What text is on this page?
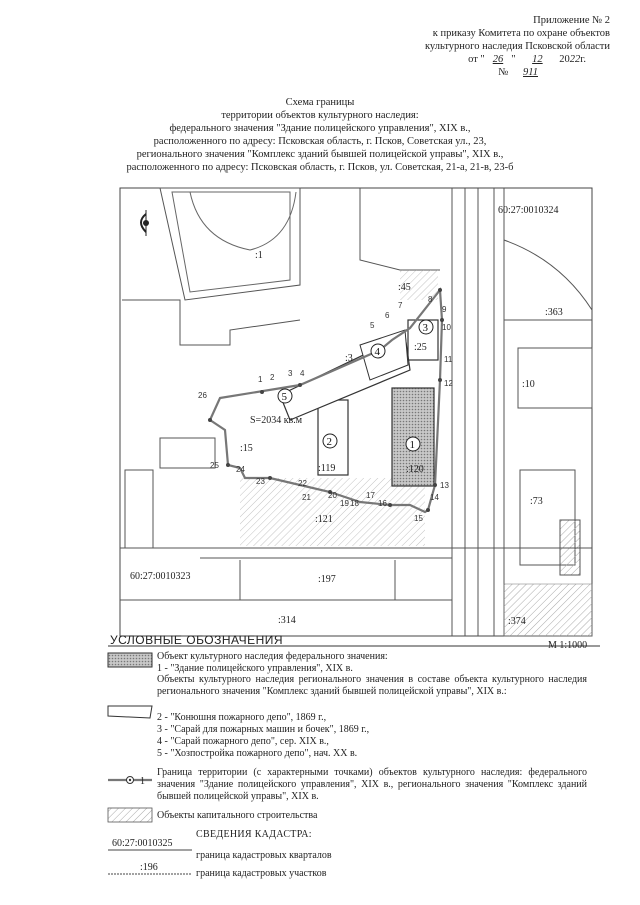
Приложение № 2
к приказу Комитета по охране объектов
культурного наследия Псковской области
от " 26 " 12 2022г.
№ 911
Схема границы
территории объектов культурного наследия:
федерального значения "Здание полицейского управления", XIX в.,
расположенного по адресу: Псковская область, г. Псков, Советская ул., 23,
регионального значения "Комплекс зданий бывшей полицейской управы", XIX в.,
расположенного по адресу: Псковская область, г. Псков, ул. Советская, 21-а, 21-в, 23-б
1 2 3 4
5
6
7
8
9
10
11
12
13
14
15
16
17
18
19
20
21
22
23
24
25
26
:1
:45
:363
:25
:3
:10
:15
:119	:120
:73
:121
:197
:314	:374
60:27:0010324
60:27:0010323
S=2034 кв.м
1
2
3
4
5
1
УСЛОВНЫЕ ОБОЗНАЧЕНИЯ	М 1:1000
Объект культурного наследия федерального значения:
1 - "Здание полицейского управления", XIX в.
Объекты культурного наследия регионального значения в составе объекта культурного наследия регионального значения "Комплекс зданий бывшей полицейской управы", XIX в.:
2 - "Конюшня пожарного депо", 1869 г.,
3 - "Сарай для пожарных машин и бочек", 1869 г.,
4 - "Сарай пожарного депо", сер. XIX в.,
5 - "Хозпостройка пожарного депо", нач. XX в.
Граница территории (с характерными точками) объектов культурного наследия: федерального значения "Здание полицейского управления", XIX в., регионального значения "Комплекс зданий бывшей полицейской управы", XIX в.
Объекты капитального строительства
СВЕДЕНИЯ КАДАСТРА:
60:27:0010325
граница кадастровых кварталов
:196
граница кадастровых участков
